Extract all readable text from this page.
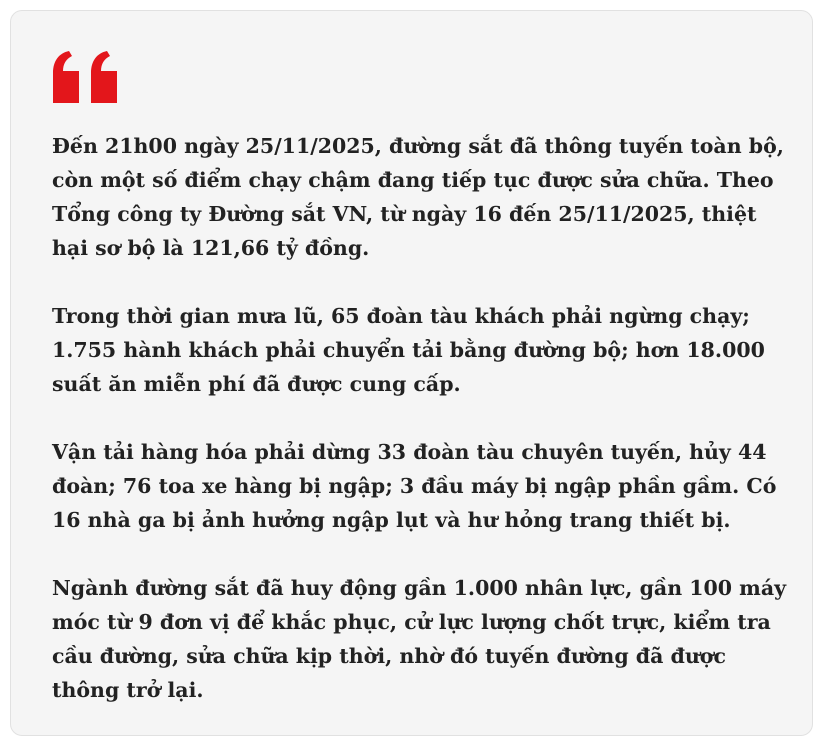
Đến 21h00 ngày 25/11/2025, đường sắt đã thông tuyến toàn bộ, còn một số điểm chạy chậm đang tiếp tục được sửa chữa. Theo Tổng công ty Đường sắt VN, từ ngày 16 đến 25/11/2025, thiệt hại sơ bộ là 121,66 tỷ đồng.

Trong thời gian mưa lũ, 65 đoàn tàu khách phải ngừng chạy; 1.755 hành khách phải chuyển tải bằng đường bộ; hơn 18.000 suất ăn miễn phí đã được cung cấp.

Vận tải hàng hóa phải dừng 33 đoàn tàu chuyên tuyến, hủy 44 đoàn; 76 toa xe hàng bị ngập; 3 đầu máy bị ngập phần gầm. Có 16 nhà ga bị ảnh hưởng ngập lụt và hư hỏng trang thiết bị.

Ngành đường sắt đã huy động gần 1.000 nhân lực, gần 100 máy móc từ 9 đơn vị để khắc phục, cử lực lượng chốt trực, kiểm tra cầu đường, sửa chữa kịp thời, nhờ đó tuyến đường đã được thông trở lại.
